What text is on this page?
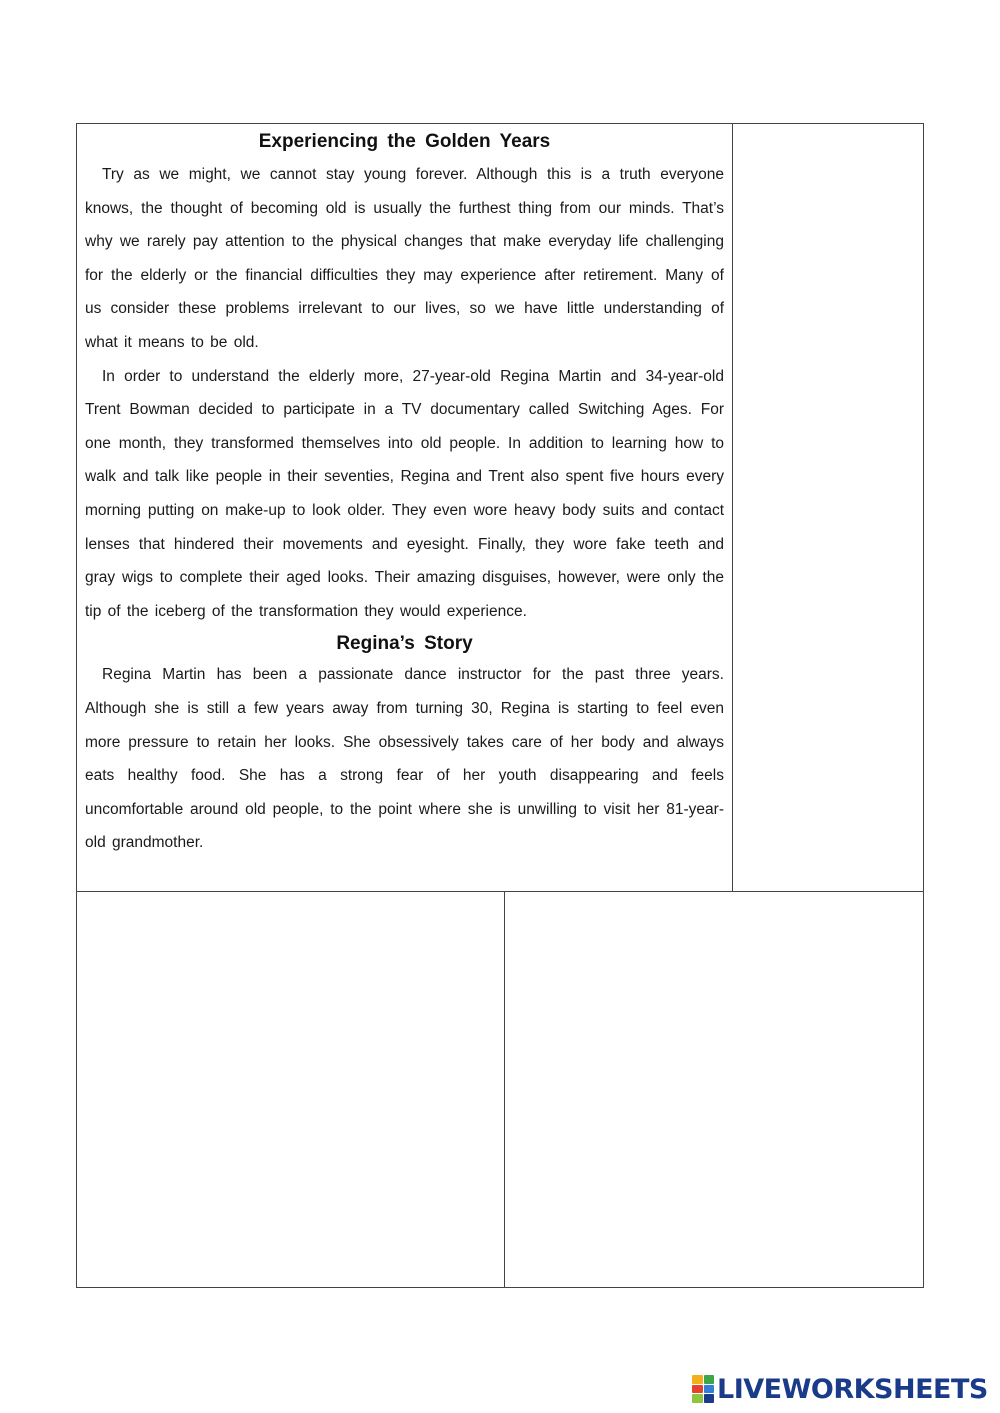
Experiencing the Golden Years

Try as we might, we cannot stay young forever. Although this is a truth everyone knows, the thought of becoming old is usually the furthest thing from our minds. That’s why we rarely pay attention to the physical changes that make everyday life challenging for the elderly or the financial difficulties they may experience after retirement. Many of us consider these problems irrelevant to our lives, so we have little understanding of what it means to be old.

In order to understand the elderly more, 27-year-old Regina Martin and 34-year-old Trent Bowman decided to participate in a TV documentary called Switching Ages. For one month, they transformed themselves into old people. In addition to learning how to walk and talk like people in their seventies, Regina and Trent also spent five hours every morning putting on make-up to look older. They even wore heavy body suits and contact lenses that hindered their movements and eyesight. Finally, they wore fake teeth and gray wigs to complete their aged looks. Their amazing disguises, however, were only the tip of the iceberg of the transformation they would experience.

Regina’s Story

Regina Martin has been a passionate dance instructor for the past three years. Although she is still a few years away from turning 30, Regina is starting to feel even more pressure to retain her looks. She obsessively takes care of her body and always eats healthy food. She has a strong fear of her youth disappearing and feels uncomfortable around old people, to the point where she is unwilling to visit her 81-year-old grandmother.

LIVEWORKSHEETS
